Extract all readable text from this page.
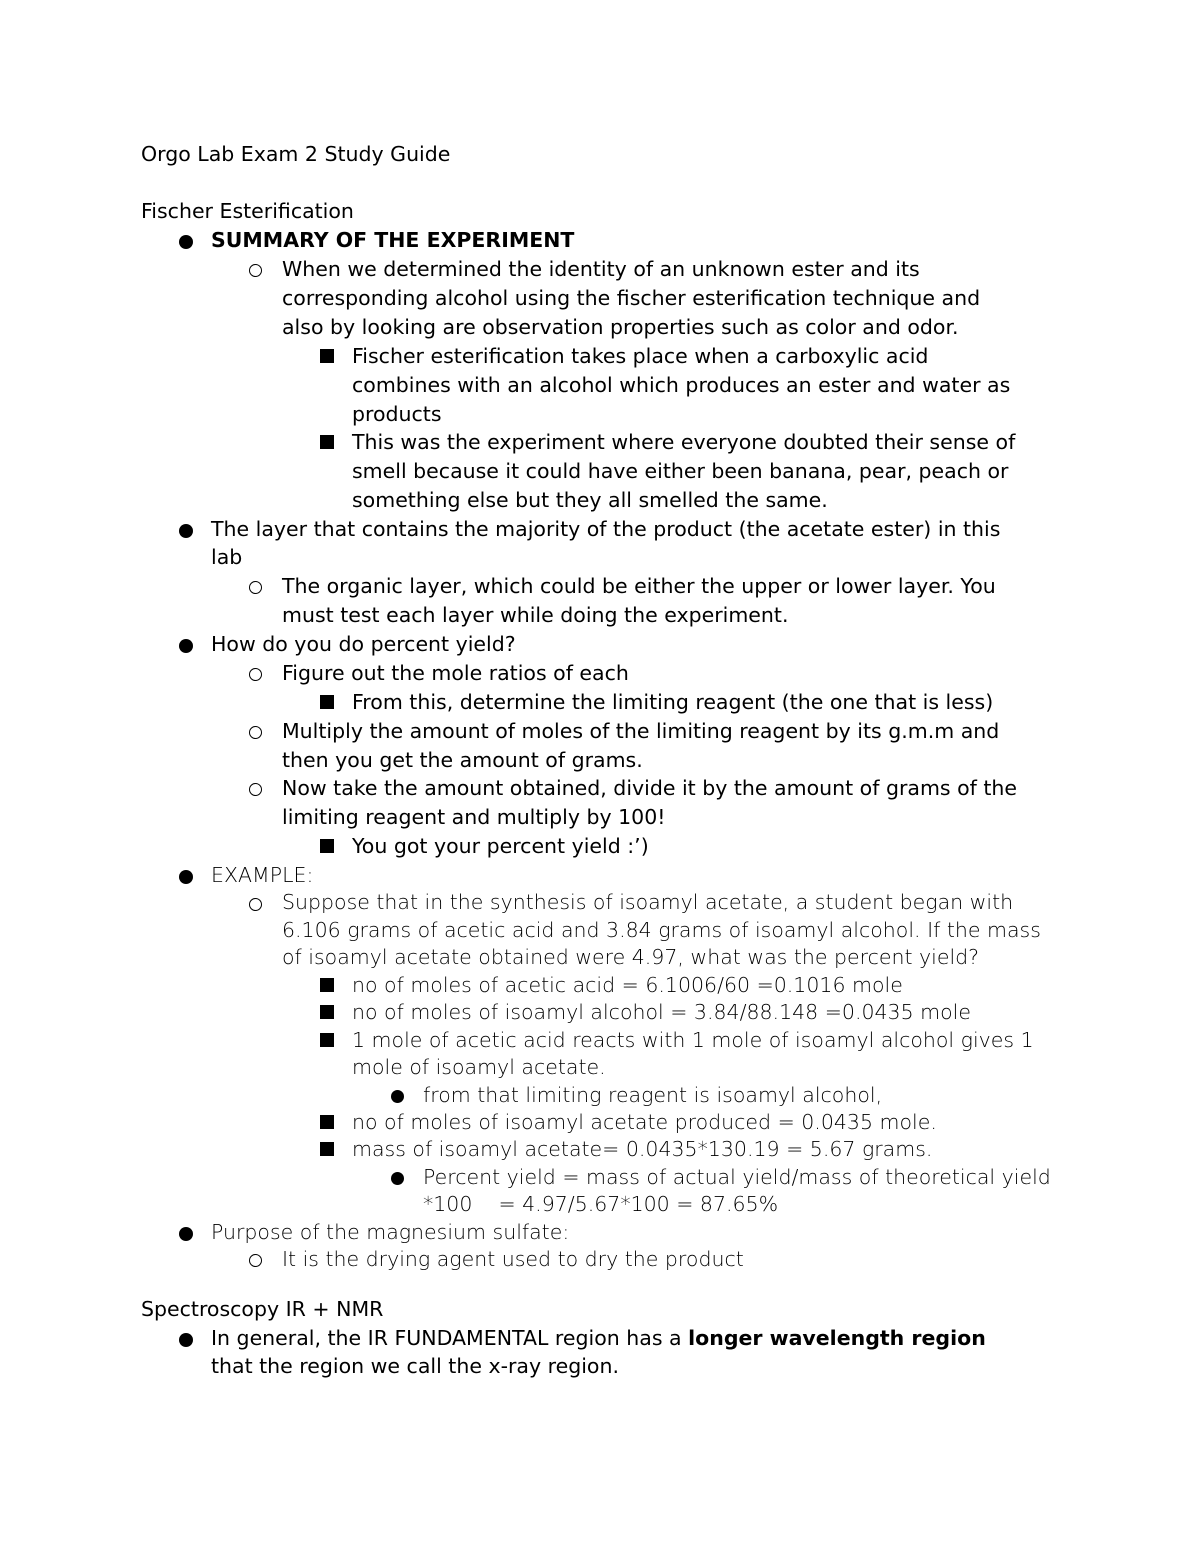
Orgo Lab Exam 2 Study Guide
Fischer Esterification
SUMMARY OF THE EXPERIMENT
When we determined the identity of an unknown ester and its
corresponding alcohol using the fischer esterification technique and
also by looking are observation properties such as color and odor.
Fischer esterification takes place when a carboxylic acid
combines with an alcohol which produces an ester and water as
products
This was the experiment where everyone doubted their sense of
smell because it could have either been banana, pear, peach or
something else but they all smelled the same.
The layer that contains the majority of the product (the acetate ester) in this
lab
The organic layer, which could be either the upper or lower layer. You
must test each layer while doing the experiment.
How do you do percent yield?
Figure out the mole ratios of each
From this, determine the limiting reagent (the one that is less)
Multiply the amount of moles of the limiting reagent by its g.m.m and
then you get the amount of grams.
Now take the amount obtained, divide it by the amount of grams of the
limiting reagent and multiply by 100!
You got your percent yield :’)
EXAMPLE:
Suppose that in the synthesis of isoamyl acetate, a student began with
6.106 grams of acetic acid and 3.84 grams of isoamyl alcohol. If the mass
of isoamyl acetate obtained were 4.97, what was the percent yield?
no of moles of acetic acid = 6.1006/60 =0.1016 mole
no of moles of isoamyl alcohol = 3.84/88.148 =0.0435 mole
1 mole of acetic acid reacts with 1 mole of isoamyl alcohol gives 1
mole of isoamyl acetate.
from that limiting reagent is isoamyl alcohol,
no of moles of isoamyl acetate produced = 0.0435 mole.
mass of isoamyl acetate= 0.0435*130.19 = 5.67 grams.
Percent yield = mass of actual yield/mass of theoretical yield
*100    = 4.97/5.67*100 = 87.65%
Purpose of the magnesium sulfate:
It is the drying agent used to dry the product
Spectroscopy IR + NMR
In general, the IR FUNDAMENTAL region has a longer wavelength region
that the region we call the x-ray region.
